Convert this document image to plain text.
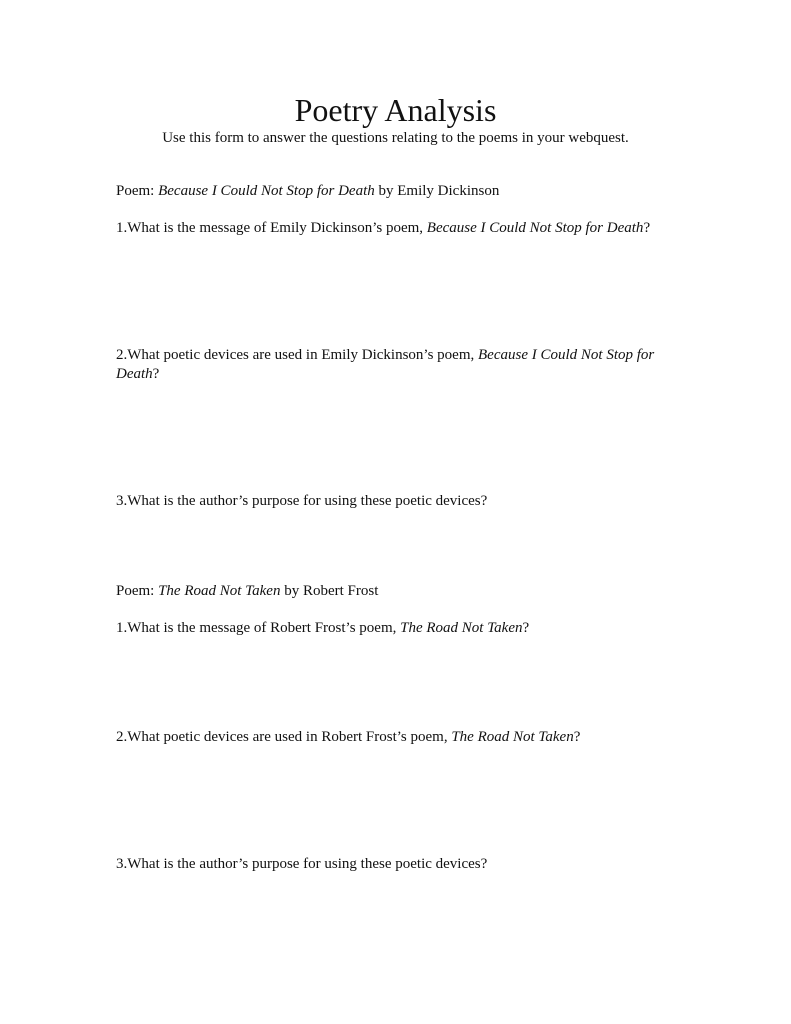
Poetry Analysis
Use this form to answer the questions relating to the poems in your webquest.
Poem: Because I Could Not Stop for Death by Emily Dickinson
1.What is the message of Emily Dickinson’s poem, Because I Could Not Stop for Death?
2.What poetic devices are used in Emily Dickinson’s poem, Because I Could Not Stop for Death?
3.What is the author’s purpose for using these poetic devices?
Poem: The Road Not Taken by Robert Frost
1.What is the message of Robert Frost’s poem, The Road Not Taken?
2.What poetic devices are used in Robert Frost’s poem, The Road Not Taken?
3.What is the author’s purpose for using these poetic devices?
